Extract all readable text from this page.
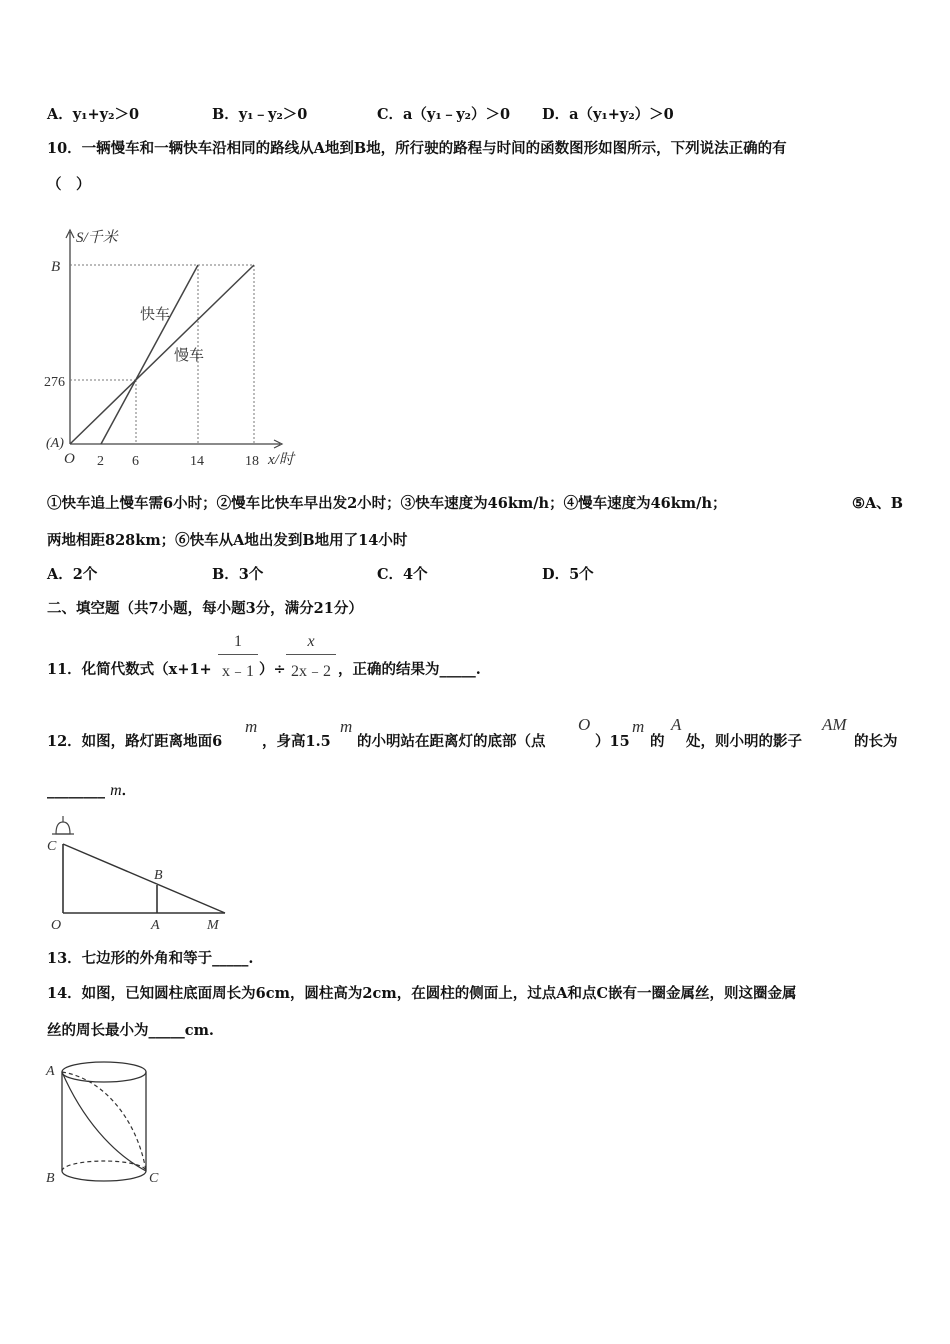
A．y₁+y₂＞0	B．y₁﹣y₂＞0	C．a（y₁﹣y₂）＞0 D．a（y₁+y₂）＞0
10．一辆慢车和一辆快车沿相同的路线从A地到B地，所行驶的路程与时间的函数图形如图所示，下列说法正确的有
（　）
S/千米
B
276
(A)
O 2 6	14	18 x/时
快车
慢车
①快车追上慢车需6小时；②慢车比快车早出发2小时；③快车速度为46km/h；④慢车速度为46km/h；	⑤A、B
两地相距828km；⑥快车从A地出发到B地用了14小时
A．2个	B．3个	C．4个	D．5个
二、填空题（共7小题，每小题3分，满分21分）
11．化简代数式（x+1+
1
x﹣1 ）÷
x
2x﹣2 ，正确的结果为_____.
12．如图，路灯距离地面6
m
，身高1.5
m
的小明站在距离灯的底部（点
O
）15
m
的
A
处，则小明的影子
AM
的长为
________ m．
C
B
O	A	M
13．七边形的外角和等于_____.
14．如图，已知圆柱底面周长为6cm，圆柱高为2cm，在圆柱的侧面上，过点A和点C嵌有一圈金属丝，则这圈金属
丝的周长最小为_____cm.
A
B	C
